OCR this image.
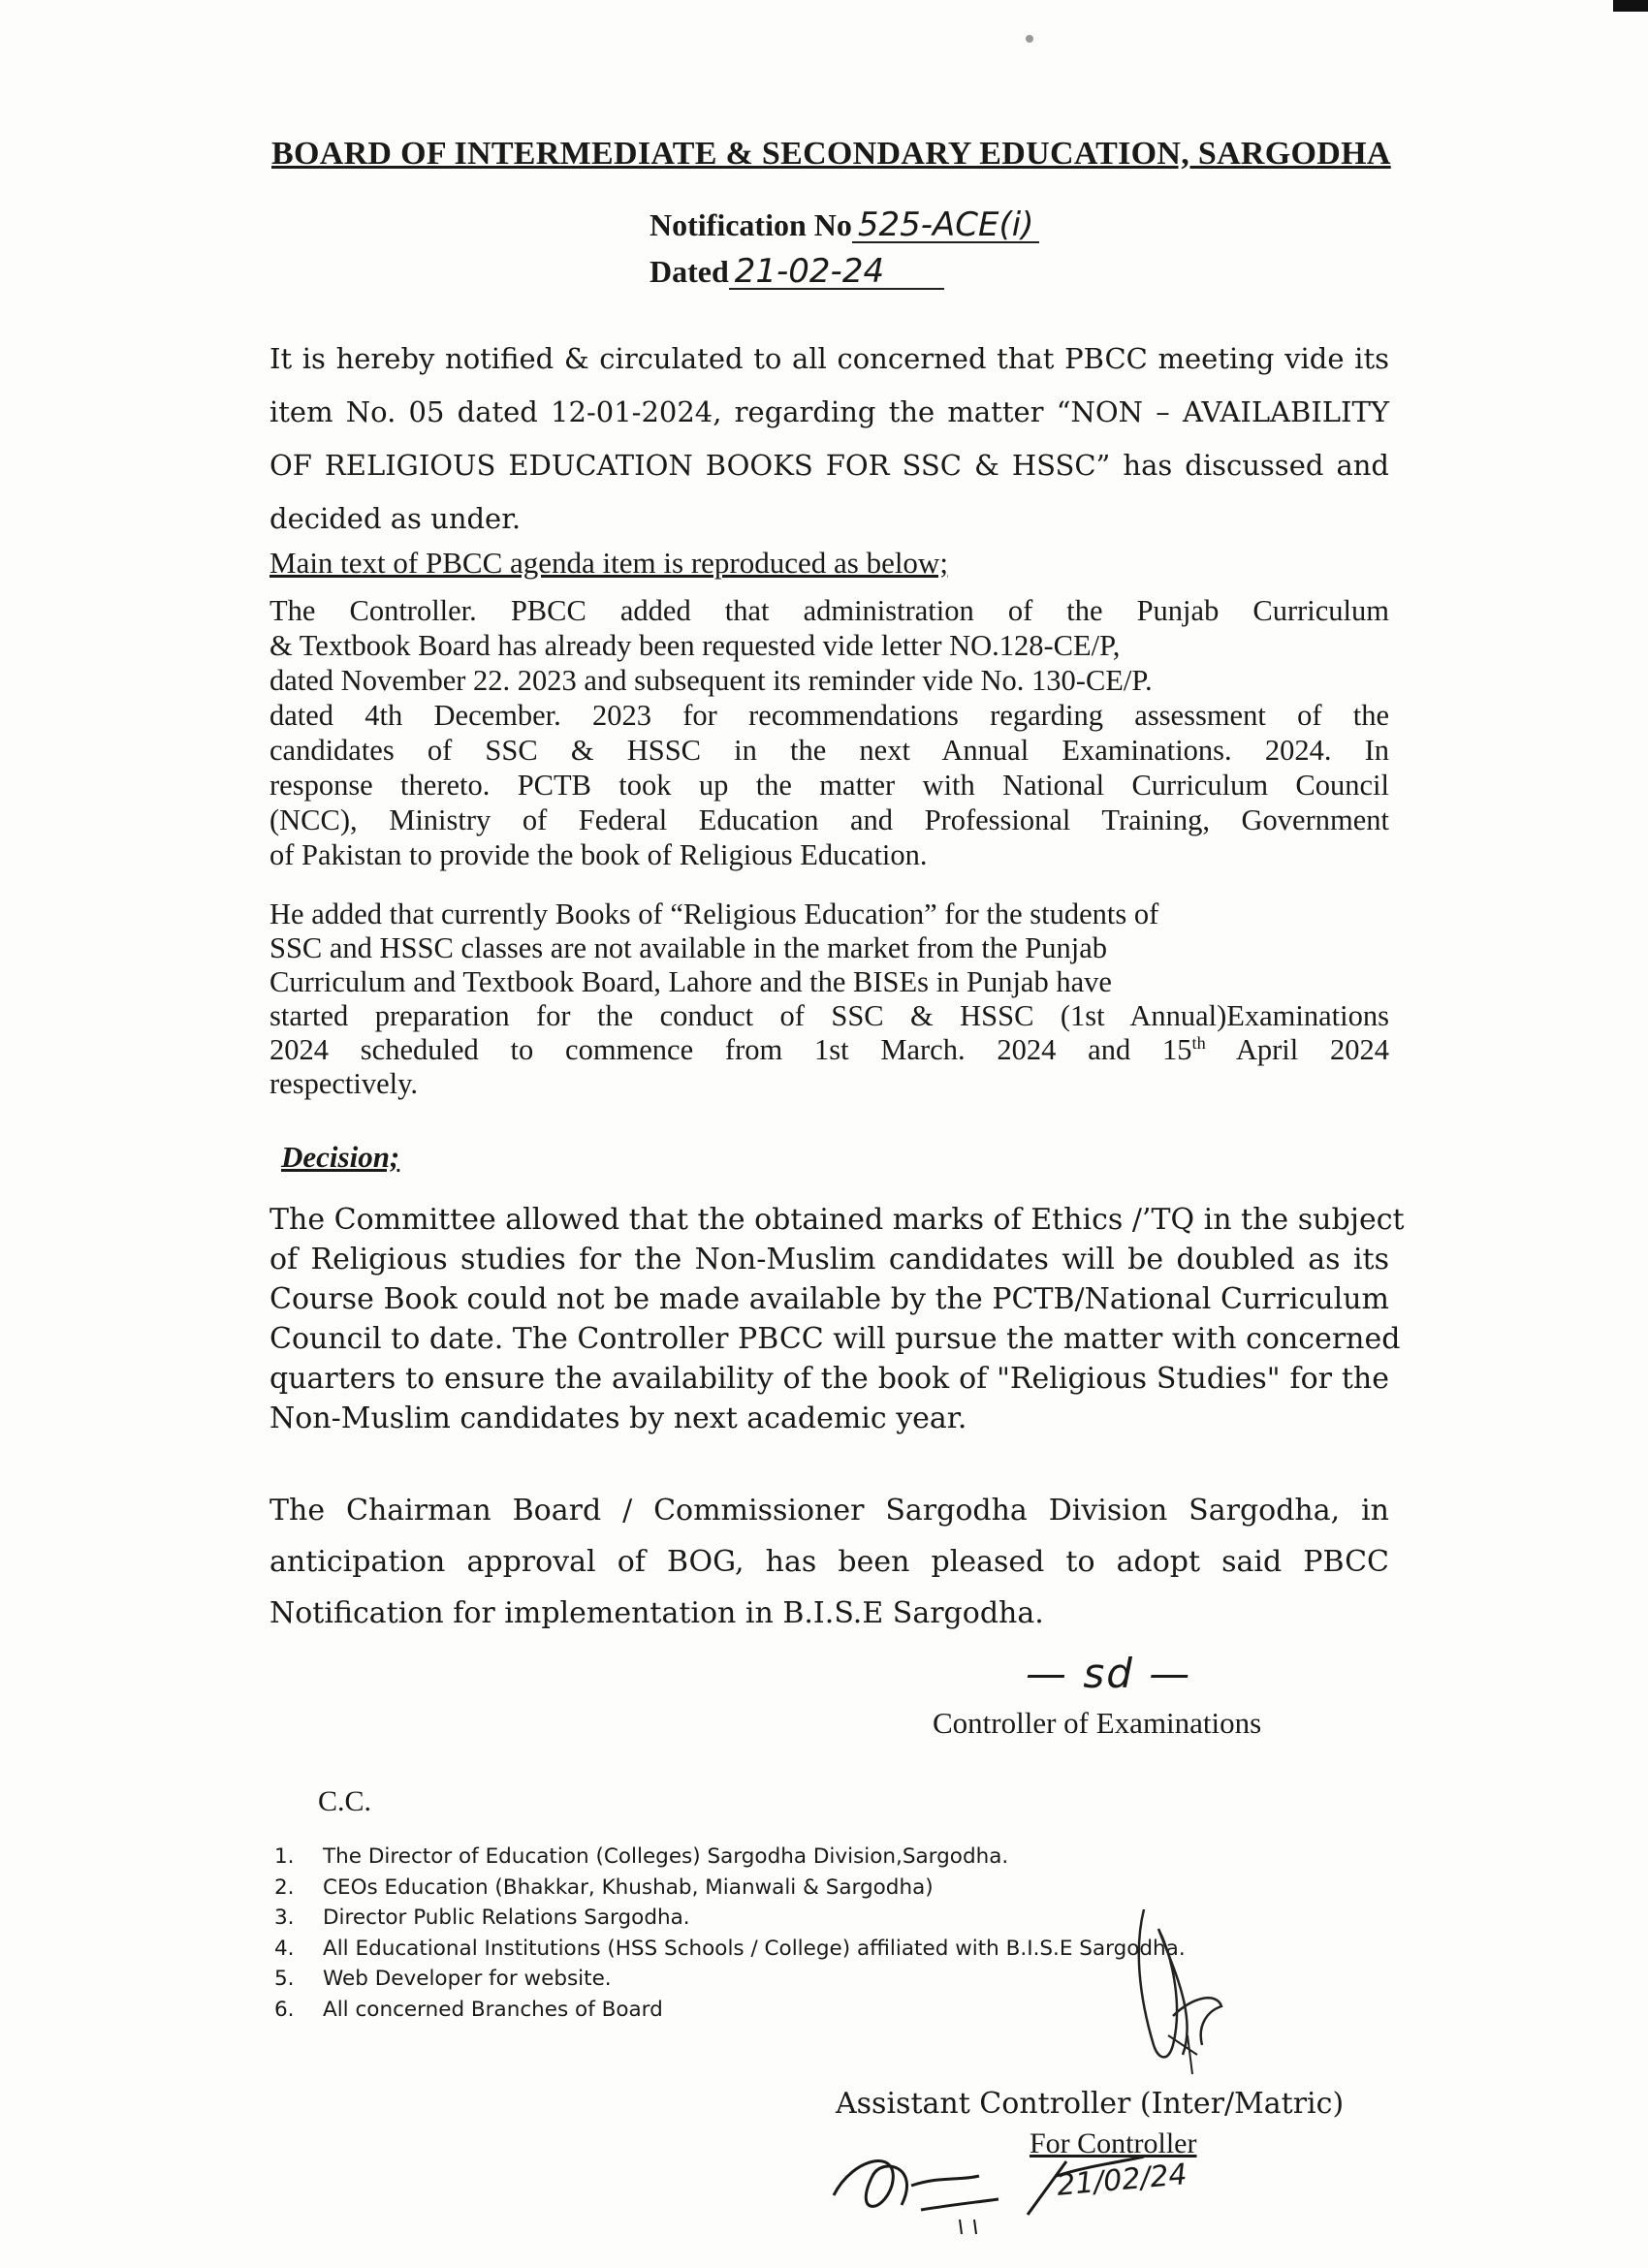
BOARD OF INTERMEDIATE & SECONDARY EDUCATION, SARGODHA
Notification No 525-ACE(i)
Dated 21-02-24
It is hereby notified & circulated to all concerned that PBCC meeting vide its
item No. 05 dated 12-01-2024, regarding the matter “NON – AVAILABILITY
OF RELIGIOUS EDUCATION BOOKS FOR SSC & HSSC” has discussed and
decided as under.
Main text of PBCC agenda item is reproduced as below;
The Controller. PBCC added that administration of the Punjab Curriculum
& Textbook Board has already been requested vide letter NO.128-CE/P,
dated November 22. 2023 and subsequent its reminder vide No. 130-CE/P.
dated 4th December. 2023 for recommendations regarding assessment of the
candidates of SSC & HSSC in the next Annual Examinations. 2024. In
response thereto. PCTB took up the matter with National Curriculum Council
(NCC), Ministry of Federal Education and Professional Training, Government
of Pakistan to provide the book of Religious Education.
He added that currently Books of “Religious Education” for the students of
SSC and HSSC classes are not available in the market from the Punjab
Curriculum and Textbook Board, Lahore and the BISEs in Punjab have
started preparation for the conduct of SSC & HSSC (1st Annual)Examinations
2024 scheduled to commence from 1st March. 2024 and 15th April 2024
respectively.
Decision;
The Committee allowed that the obtained marks of Ethics /’TQ in the subject
of Religious studies for the Non-Muslim candidates will be doubled as its
Course Book could not be made available by the PCTB/National Curriculum
Council to date. The Controller PBCC will pursue the matter with concerned
quarters to ensure the availability of the book of "Religious Studies" for the
Non-Muslim candidates by next academic year.
The Chairman Board / Commissioner Sargodha Division Sargodha, in
anticipation approval of BOG, has been pleased to adopt said PBCC
Notification for implementation in B.I.S.E Sargodha.
— sd —
Controller of Examinations
C.C.
1.	The Director of Education (Colleges) Sargodha Division,Sargodha.
2.	CEOs Education (Bhakkar, Khushab, Mianwali & Sargodha)
3.	Director Public Relations Sargodha.
4.	All Educational Institutions (HSS Schools / College) affiliated with B.I.S.E Sargodha.
5.	Web Developer for website.
6.	All concerned Branches of Board
Assistant Controller (Inter/Matric)
For Controller
21/02/24
